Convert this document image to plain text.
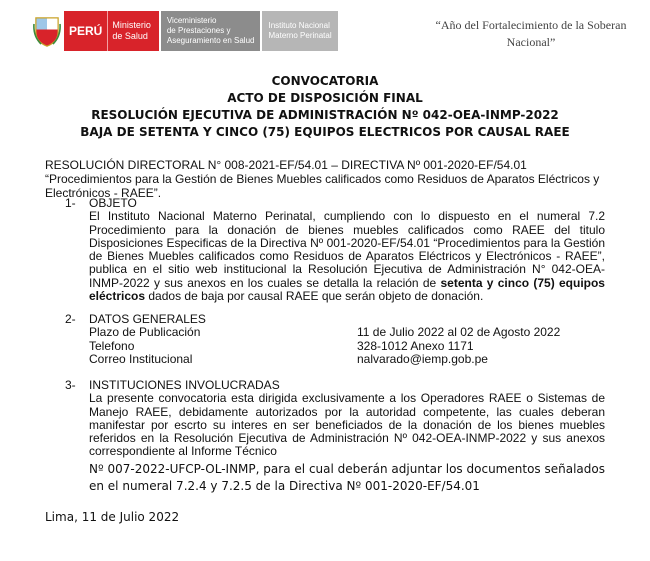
PERÚ	Ministerio
de Salud
Viceministerio
de Prestaciones y
Aseguramiento en Salud
Instituto Nacional
Materno Perinatal
“Año del Fortalecimiento de la Soberan
Nacional”
CONVOCATORIA
ACTO DE DISPOSICIÓN FINAL
RESOLUCIÓN EJECUTIVA DE ADMINISTRACIÓN Nº 042-OEA-INMP-2022
BAJA DE SETENTA Y CINCO (75) EQUIPOS ELECTRICOS POR CAUSAL RAEE
RESOLUCIÓN DIRECTORAL N° 008-2021-EF/54.01 – DIRECTIVA Nº 001-2020-EF/54.01 “Procedimientos para la Gestión de Bienes Muebles calificados como Residuos de Aparatos Eléctricos y Electrónicos - RAEE”.
1- OBJETO
El Instituto Nacional Materno Perinatal, cumpliendo con lo dispuesto en el numeral 7.2 Procedimiento para la donación de bienes muebles calificados como RAEE del titulo Disposiciones Especificas de la Directiva Nº 001-2020-EF/54.01 “Procedimientos para la Gestión de Bienes Muebles calificados como Residuos de Aparatos Eléctricos y Electrónicos - RAEE”, publica en el sitio web institucional la Resolución Ejecutiva de Administración N° 042-OEA-INMP-2022 y sus anexos en los cuales se detalla la relación de setenta y cinco (75) equipos eléctricos dados de baja por causal RAEE que serán objeto de donación.
2- DATOS GENERALES
Plazo de Publicación	11 de Julio 2022 al 02 de Agosto 2022
Telefono	328-1012 Anexo 1171
Correo Institucional	nalvarado@iemp.gob.pe
3- INSTITUCIONES INVOLUCRADAS
La presente convocatoria esta dirigida exclusivamente a los Operadores RAEE o Sistemas de Manejo RAEE, debidamente autorizados por la autoridad competente, las cuales deberan manifestar por escrto su interes en ser beneficiados de la donación de los bienes muebles referidos en la Resolución Ejecutiva de Administración Nº 042-OEA-INMP-2022 y sus anexos correspondiente al Informe Técnico
Nº 007-2022-UFCP-OL-INMP, para el cual deberán adjuntar los documentos señalados en el numeral 7.2.4 y 7.2.5 de la Directiva Nº 001-2020-EF/54.01
Lima, 11 de Julio 2022
